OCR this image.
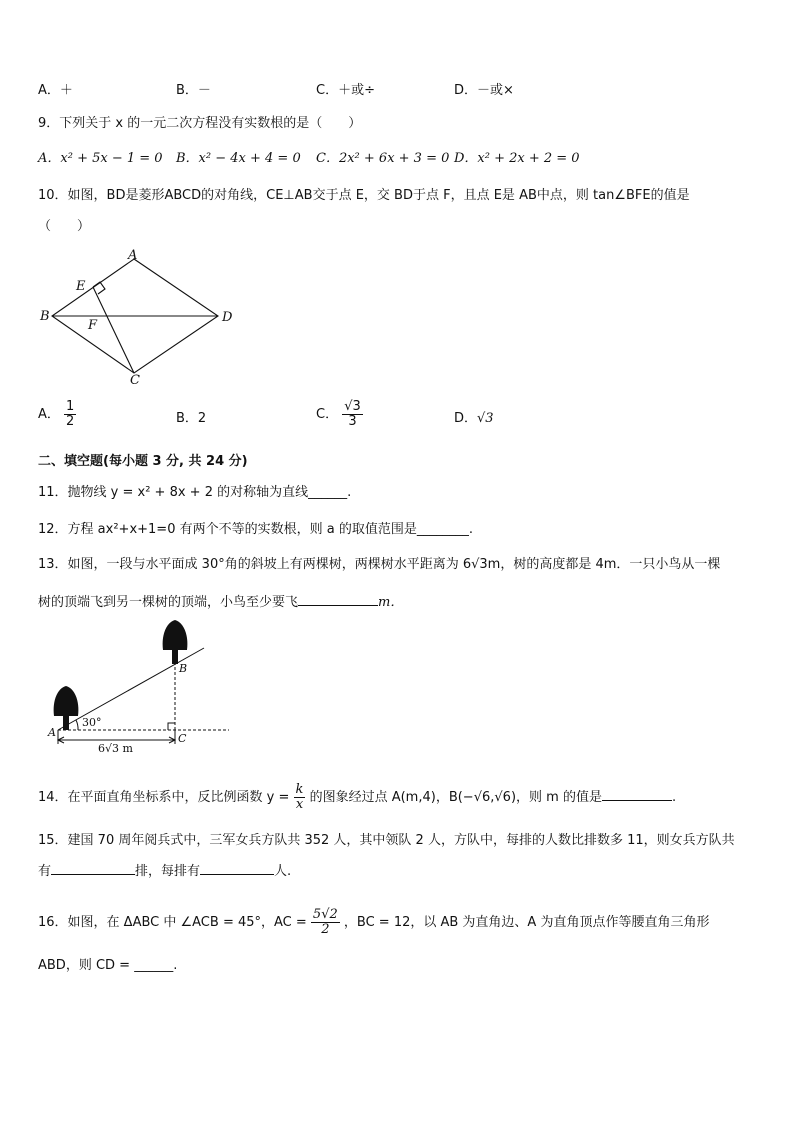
A．＋	B．－	C．＋或÷	D．－或×
9．下列关于 x 的一元二次方程没有实数根的是（　　）
A．x² + 5x − 1 = 0 B．x² − 4x + 4 = 0 C．2x² + 6x + 3 = 0 D．x² + 2x + 2 = 0
10．如图，BD是菱形ABCD的对角线，CE⊥AB交于点 E，交 BD于点 F，且点 E是 AB中点，则 tan∠BFE的值是
（　　）
A
B
C
D
E
F
A． $\frac{1}{2}$	B．2	C． $\frac{√3}{3}$	D．√3
二、填空题(每小题 3 分, 共 24 分)
11．抛物线 y = x² + 8x + 2 的对称轴为直线______.
12．方程 ax²+x+1=0 有两个不等的实数根，则 a 的取值范围是________.
13．如图，一段与水平面成 30°角的斜坡上有两棵树，两棵树水平距离为 6√3m，树的高度都是 4m．一只小鸟从一棵
树的顶端飞到另一棵树的顶端，小鸟至少要飞	m．
A
B
C
30°
6√3 m
14．在平面直角坐标系中，反比例函数 $y = \frac{k}{x}$ 的图象经过点 A(m,4)，B(−√6,√6)，则 m 的值是	.
15．建国 70 周年阅兵式中，三军女兵方队共 352 人，其中领队 2 人，方队中，每排的人数比排数多 11，则女兵方队共
有	排，每排有	人.
16．如图，在 ΔABC 中 ∠ACB = 45°，AC = $\frac{5√2}{2}$ ，BC = 12，以 AB 为直角边、A 为直角顶点作等腰直角三角形
ABD，则 CD = ______.
